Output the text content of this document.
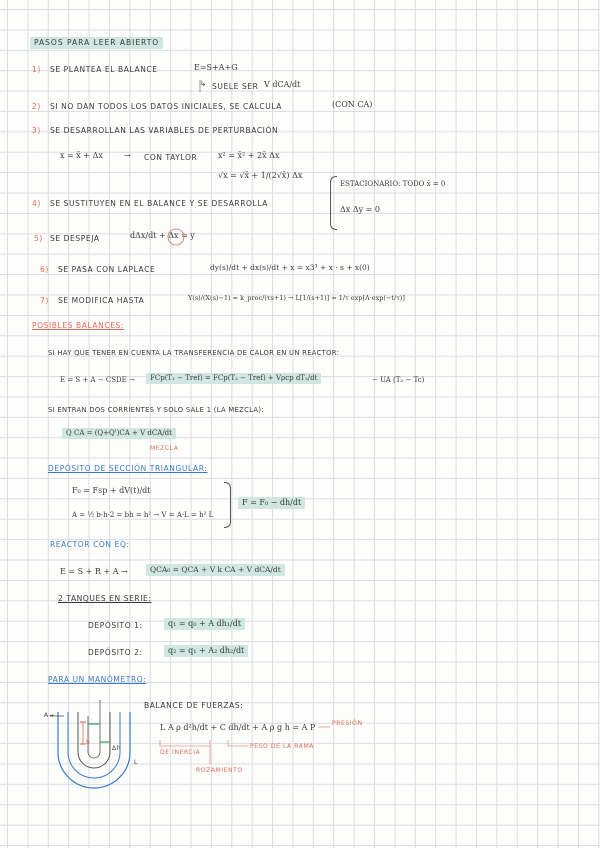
PASOS PARA LEER ABIERTO
1) SE PLANTEA EL BALANCE	E=S+A+G
↳ SUELE SER V dCA/dt
2) SI NO DAN TODOS LOS DATOS INICIALES, SE CALCULA	(CON CA)
3) SE DESARROLLAN LAS VARIABLES DE PERTURBACIÓN
x = x̄ + Δx	→ CON TAYLOR	x² = x̄² + 2x̄ Δx
√x = √x̄ + 1/(2√x̄) Δx
4) SE SUSTITUYEN EN EL BALANCE Y SE DESARROLLA
ESTACIONARIO: TODO x̄ = 0
Δx Δy = 0
5) SE DESPEJA	dΔx/dt + Δx = y
6) SE PASA CON LAPLACE	dy(s)/dt + dx(s)/dt + x = x3³ + x · s + x(0)
7) SE MODIFICA HASTA	Y(s)/(X(s)−1) = k_proc/(τs+1) → L[1/(s+1)] = 1/τ exp[A·exp(−t/τ)]
POSIBLES BALANCES:
SI HAY QUE TENER EN CUENTA LA TRANSFERENCIA DE CALOR EN UN REACTOR:
E = S + A − CSDE →	FCp(T₁ − Tref) = FCp(T₂ − Tref) + Vρcp dT₂/dt	− UA (T₂ − Tc)
SI ENTRAN DOS CORRIENTES Y SOLO SALE 1 (LA MEZCLA):
Q CA = (Q+Q')CA + V dCA/dt
MEZCLA
DEPÓSITO DE SECCIÓN TRIANGULAR:
F₀ = Fsp + dV(t)/dt
A = ½ b·h·2 = bh = h² → V = A·L = h² L
F = F₀ − dh/dt
REACTOR CON EQ:
E = S + R + A →	QCA₀ = QCA + V k CA + V dCA/dt
2 TANQUES EN SERIE:
DEPÓSITO 1:	q₁ = q₀ + A dh₁/dt
DEPÓSITO 2:	q₂ = q₁ + A₂ dh₂/dt
PARA UN MANÓMETRO:
BALANCE DE FUERZAS:
L A ρ d²h/dt + C dh/dt + A ρ g h = A P	PRESIÓN
PESO DE LA RAMA
DE INERCIA
ROZAMIENTO
A→
h
Δh
L
